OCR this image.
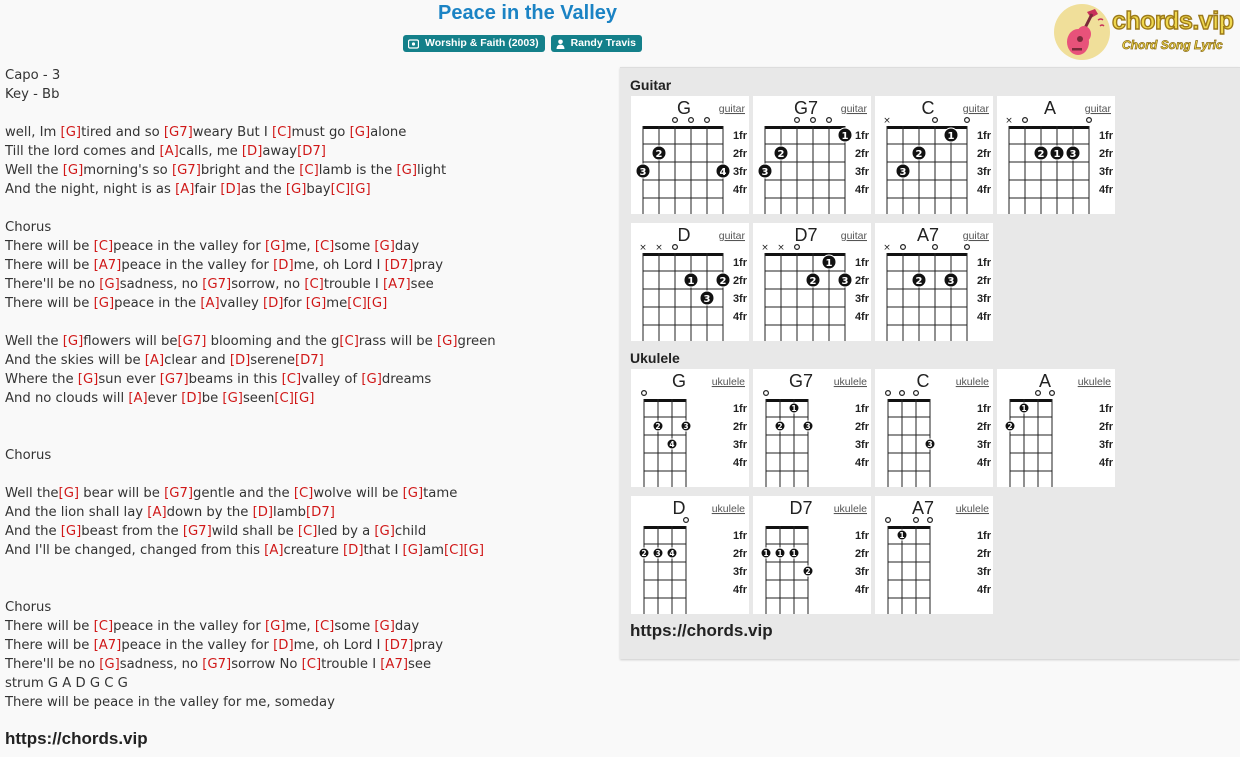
Peace in the Valley
Worship & Faith (2003)	Randy Travis
chords.vip
Chord Song Lyric
Capo - 3
Key - Bb
well, Im [G]tired and so [G7]weary But I [C]must go [G]alone
Till the lord comes and [A]calls, me [D]away[D7]
Well the [G]morning's so [G7]bright and the [C]lamb is the [G]light
And the night, night is as [A]fair [D]as the [G]bay[C][G]
Chorus
There will be [C]peace in the valley for [G]me, [C]some [G]day
There will be [A7]peace in the valley for [D]me, oh Lord I [D7]pray
There'll be no [G]sadness, no [G7]sorrow, no [C]trouble I [A7]see
There will be [G]peace in the [A]valley [D]for [G]me[C][G]
Well the [G]flowers will be[G7] blooming and the g[C]rass will be [G]green
And the skies will be [A]clear and [D]serene[D7]
Where the [G]sun ever [G7]beams in this [C]valley of [G]dreams
And no clouds will [A]ever [D]be [G]seen[C][G]
Chorus
Well the[G] bear will be [G7]gentle and the [C]wolve will be [G]tame
And the lion shall lay [A]down by the [D]lamb[D7]
And the [G]beast from the [G7]wild shall be [C]led by a [G]child
And I'll be changed, changed from this [A]creature [D]that I [G]am[C][G]
Chorus
There will be [C]peace in the valley for [G]me, [C]some [G]day
There will be [A7]peace in the valley for [D]me, oh Lord I [D7]pray
There'll be no [G]sadness, no [G7]sorrow No [C]trouble I [A7]see
strum G A D G C G
There will be peace in the valley for me, someday
https://chords.vip
Guitar
G	guitar
1fr
2fr
3fr
4fr
3
2
4
G7 guitar
1fr
2fr
3fr
4fr
3
2
1
C	guitar
1fr
2fr
3fr
4fr
×
3
2
1
A	guitar
1fr
2fr
3fr
4fr
×
2 1 3
D	guitar
1fr
2fr
3fr
4fr
× ×
1
3
2
D7 guitar
1fr
2fr
3fr
4fr
× ×
2
1
3
A7 guitar
1fr
2fr
3fr
4fr
×
2	3
Ukulele
G ukulele
1fr
2fr
3fr
4fr
2
4
3
G7 ukulele
1fr
2fr
3fr
4fr
2
1
3
C ukulele
1fr
2fr
3fr
4fr
3
A	ukulele
1fr
2fr
3fr
4fr
2
1
D ukulele
1fr
2fr
3fr
4fr
2 3 4
D7 ukulele
1fr
2fr
3fr
4fr
1 1 1
2
A7 ukulele
1fr
2fr
3fr
4fr
1
https://chords.vip
